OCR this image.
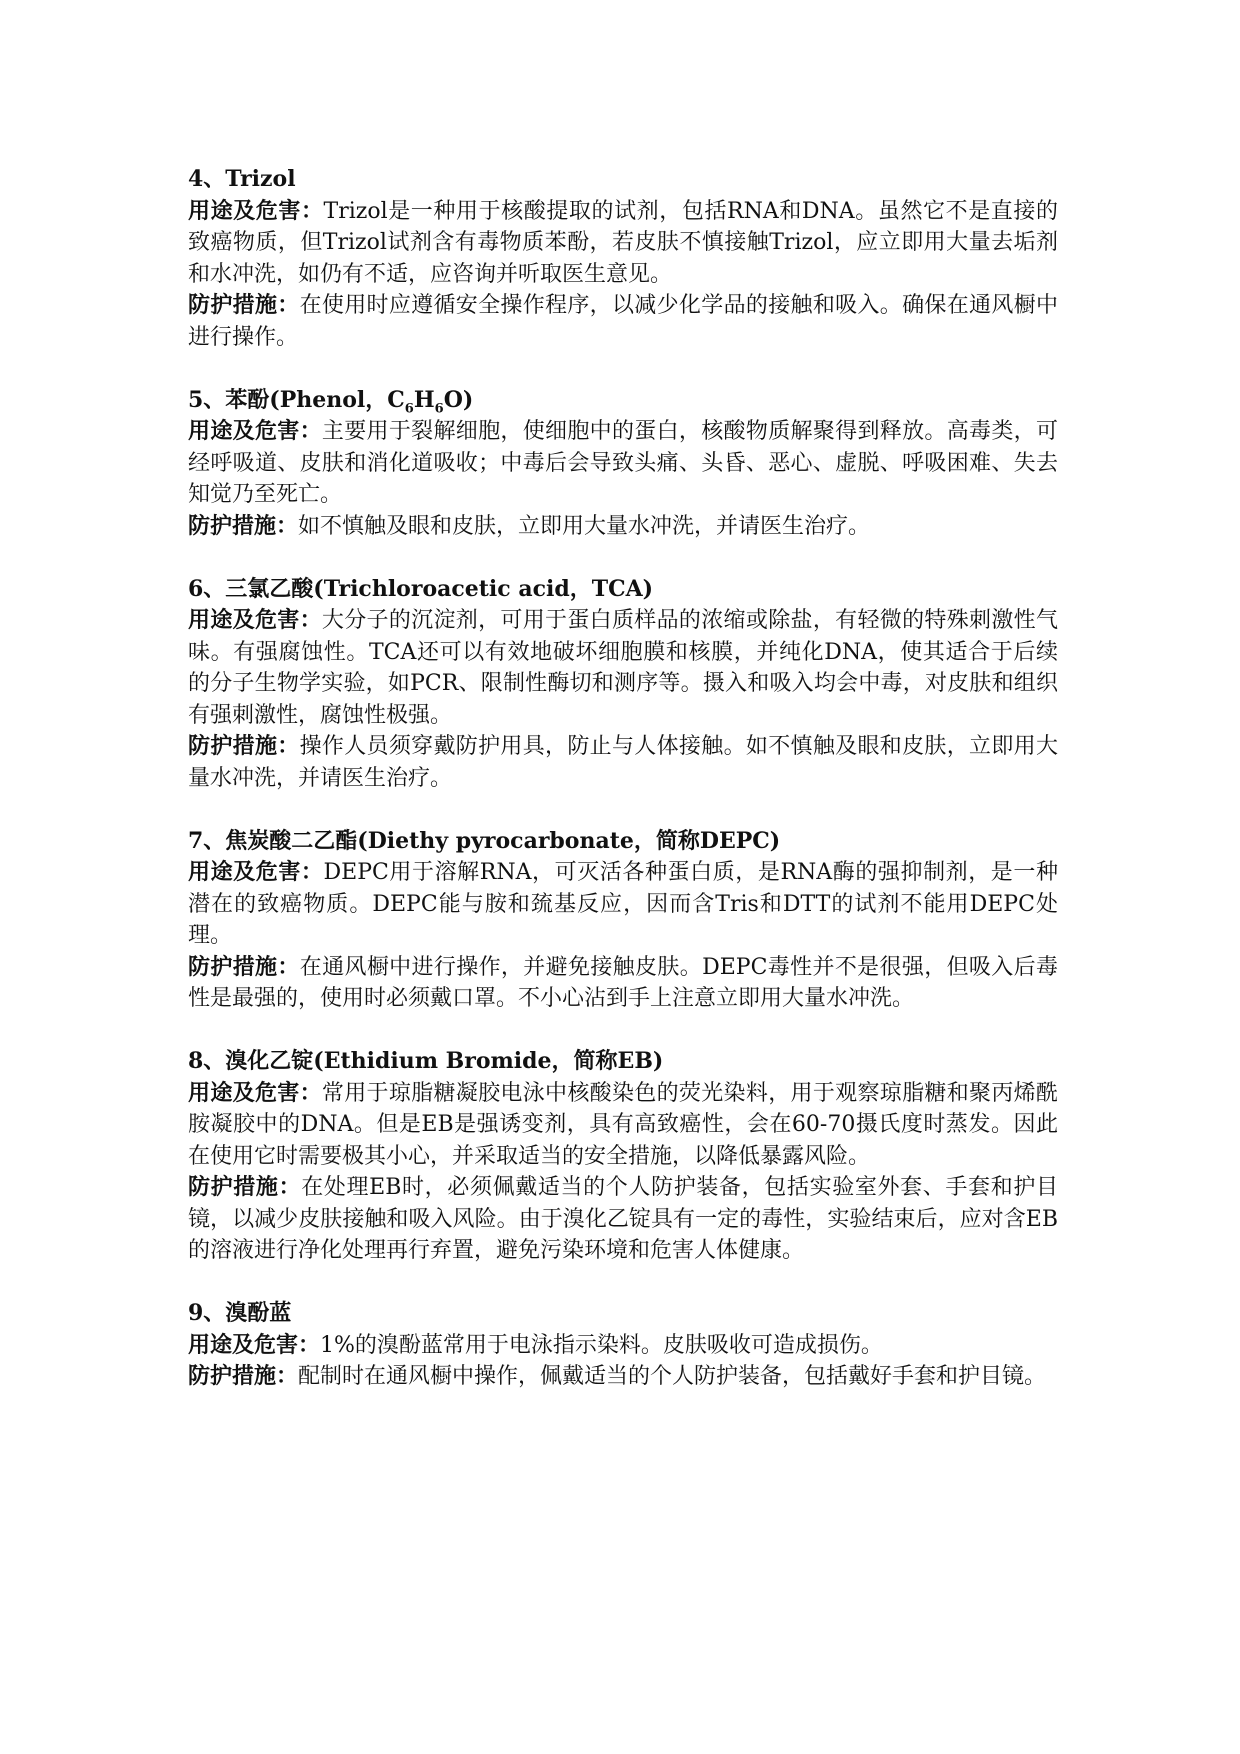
4、Trizol

用途及危害：Trizol是一种用于核酸提取的试剂，包括RNA和DNA。虽然它不是直接的致癌物质，但Trizol试剂含有毒物质苯酚，若皮肤不慎接触Trizol，应立即用大量去垢剂和水冲洗，如仍有不适，应咨询并听取医生意见。

防护措施：在使用时应遵循安全操作程序，以减少化学品的接触和吸入。确保在通风橱中进行操作。

5、苯酚(Phenol，$C_6H_6O$)

用途及危害：主要用于裂解细胞，使细胞中的蛋白，核酸物质解聚得到释放。高毒类，可经呼吸道、皮肤和消化道吸收；中毒后会导致头痛、头昏、恶心、虚脱、呼吸困难、失去知觉乃至死亡。

防护措施：如不慎触及眼和皮肤，立即用大量水冲洗，并请医生治疗。

6、三氯乙酸(Trichloroacetic acid，TCA)

用途及危害：大分子的沉淀剂，可用于蛋白质样品的浓缩或除盐，有轻微的特殊刺激性气味。有强腐蚀性。TCA还可以有效地破坏细胞膜和核膜，并纯化DNA，使其适合于后续的分子生物学实验，如PCR、限制性酶切和测序等。摄入和吸入均会中毒，对皮肤和组织有强刺激性，腐蚀性极强。

防护措施：操作人员须穿戴防护用具，防止与人体接触。如不慎触及眼和皮肤，立即用大量水冲洗，并请医生治疗。

7、焦炭酸二乙酯(Diethy pyrocarbonate，简称DEPC)

用途及危害：DEPC用于溶解RNA，可灭活各种蛋白质，是RNA酶的强抑制剂，是一种潜在的致癌物质。DEPC能与胺和巯基反应，因而含Tris和DTT的试剂不能用DEPC处理。

防护措施：在通风橱中进行操作，并避免接触皮肤。DEPC毒性并不是很强，但吸入后毒性是最强的，使用时必须戴口罩。不小心沾到手上注意立即用大量水冲洗。

8、溴化乙锭(Ethidium Bromide，简称EB)

用途及危害：常用于琼脂糖凝胶电泳中核酸染色的荧光染料，用于观察琼脂糖和聚丙烯酰胺凝胶中的DNA。但是EB是强诱变剂，具有高致癌性，会在60-70摄氏度时蒸发。因此在使用它时需要极其小心，并采取适当的安全措施，以降低暴露风险。

防护措施：在处理EB时，必须佩戴适当的个人防护装备，包括实验室外套、手套和护目镜，以减少皮肤接触和吸入风险。由于溴化乙锭具有一定的毒性，实验结束后，应对含EB的溶液进行净化处理再行弃置，避免污染环境和危害人体健康。

9、溴酚蓝

用途及危害：1%的溴酚蓝常用于电泳指示染料。皮肤吸收可造成损伤。

防护措施：配制时在通风橱中操作，佩戴适当的个人防护装备，包括戴好手套和护目镜。
